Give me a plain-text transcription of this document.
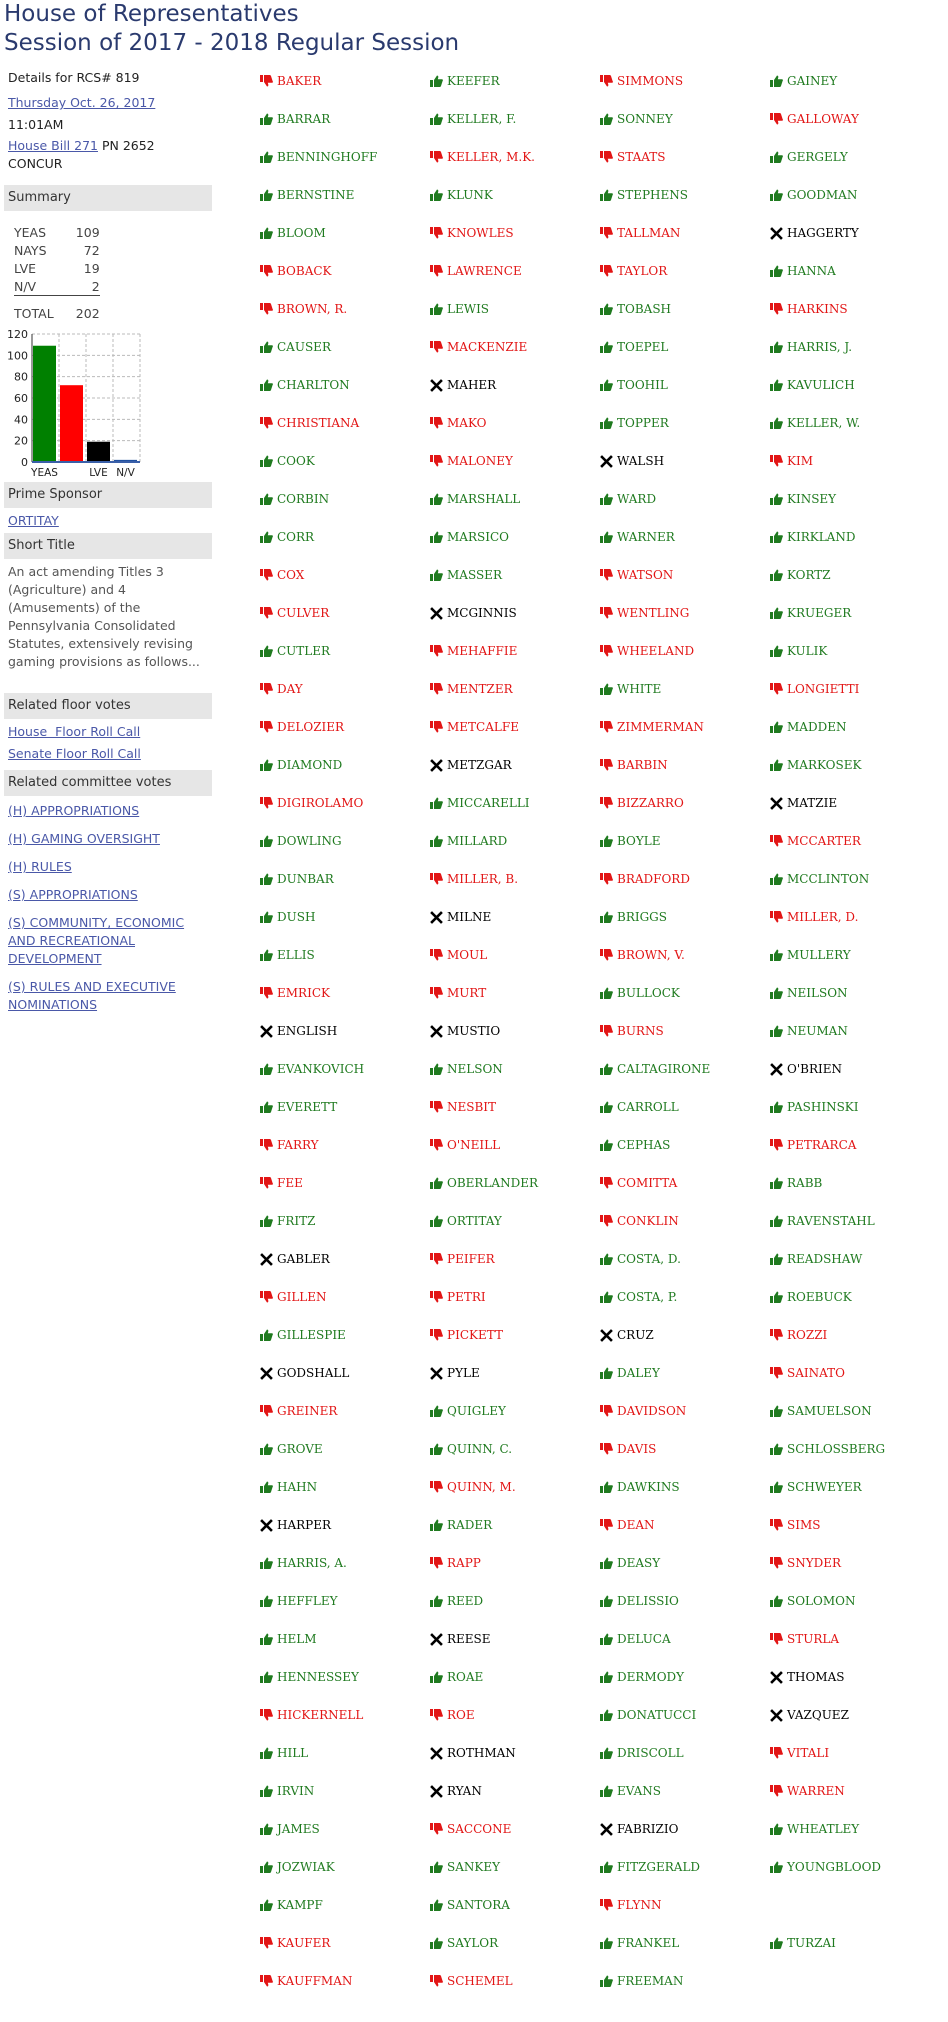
House of Representatives
Session of 2017 - 2018 Regular Session
Details for RCS# 819
Thursday Oct. 26, 2017
11:01AM
House Bill 271 PN 2652
CONCUR
Summary
YEAS	109
NAYS	72
LVE	19
N/V	2
TOTAL	202
0
20
40
60
80
100
120
YEAS	LVE N/V
Prime Sponsor
ORTITAY
Short Title
An act amending Titles 3 (Agriculture) and 4 (Amusements) of the Pennsylvania Consolidated Statutes, extensively revising gaming provisions as follows...
Related floor votes
House  Floor Roll Call
Senate Floor Roll Call
Related committee votes
(H) APPROPRIATIONS
(H) GAMING OVERSIGHT
(H) RULES
(S) APPROPRIATIONS
(S) COMMUNITY, ECONOMIC AND RECREATIONAL DEVELOPMENT
(S) RULES AND EXECUTIVE NOMINATIONS
BAKER	KEEFER	SIMMONS	GAINEY
BARRAR	KELLER, F.	SONNEY	GALLOWAY
BENNINGHOFF	KELLER, M.K.	STAATS	GERGELY
BERNSTINE	KLUNK	STEPHENS	GOODMAN
BLOOM	KNOWLES	TALLMAN	HAGGERTY
BOBACK	LAWRENCE	TAYLOR	HANNA
BROWN, R.	LEWIS	TOBASH	HARKINS
CAUSER	MACKENZIE	TOEPEL	HARRIS, J.
CHARLTON	MAHER	TOOHIL	KAVULICH
CHRISTIANA	MAKO	TOPPER	KELLER, W.
COOK	MALONEY	WALSH	KIM
CORBIN	MARSHALL	WARD	KINSEY
CORR	MARSICO	WARNER	KIRKLAND
COX	MASSER	WATSON	KORTZ
CULVER	MCGINNIS	WENTLING	KRUEGER
CUTLER	MEHAFFIE	WHEELAND	KULIK
DAY	MENTZER	WHITE	LONGIETTI
DELOZIER	METCALFE	ZIMMERMAN	MADDEN
DIAMOND	METZGAR	BARBIN	MARKOSEK
DIGIROLAMO	MICCARELLI	BIZZARRO	MATZIE
DOWLING	MILLARD	BOYLE	MCCARTER
DUNBAR	MILLER, B.	BRADFORD	MCCLINTON
DUSH	MILNE	BRIGGS	MILLER, D.
ELLIS	MOUL	BROWN, V.	MULLERY
EMRICK	MURT	BULLOCK	NEILSON
ENGLISH	MUSTIO	BURNS	NEUMAN
EVANKOVICH	NELSON	CALTAGIRONE	O'BRIEN
EVERETT	NESBIT	CARROLL	PASHINSKI
FARRY	O'NEILL	CEPHAS	PETRARCA
FEE	OBERLANDER	COMITTA	RABB
FRITZ	ORTITAY	CONKLIN	RAVENSTAHL
GABLER	PEIFER	COSTA, D.	READSHAW
GILLEN	PETRI	COSTA, P.	ROEBUCK
GILLESPIE	PICKETT	CRUZ	ROZZI
GODSHALL	PYLE	DALEY	SAINATO
GREINER	QUIGLEY	DAVIDSON	SAMUELSON
GROVE	QUINN, C.	DAVIS	SCHLOSSBERG
HAHN	QUINN, M.	DAWKINS	SCHWEYER
HARPER	RADER	DEAN	SIMS
HARRIS, A.	RAPP	DEASY	SNYDER
HEFFLEY	REED	DELISSIO	SOLOMON
HELM	REESE	DELUCA	STURLA
HENNESSEY	ROAE	DERMODY	THOMAS
HICKERNELL	ROE	DONATUCCI	VAZQUEZ
HILL	ROTHMAN	DRISCOLL	VITALI
IRVIN	RYAN	EVANS	WARREN
JAMES	SACCONE	FABRIZIO	WHEATLEY
JOZWIAK	SANKEY	FITZGERALD	YOUNGBLOOD
KAMPF	SANTORA	FLYNN
KAUFER	SAYLOR	FRANKEL	TURZAI
KAUFFMAN	SCHEMEL	FREEMAN
